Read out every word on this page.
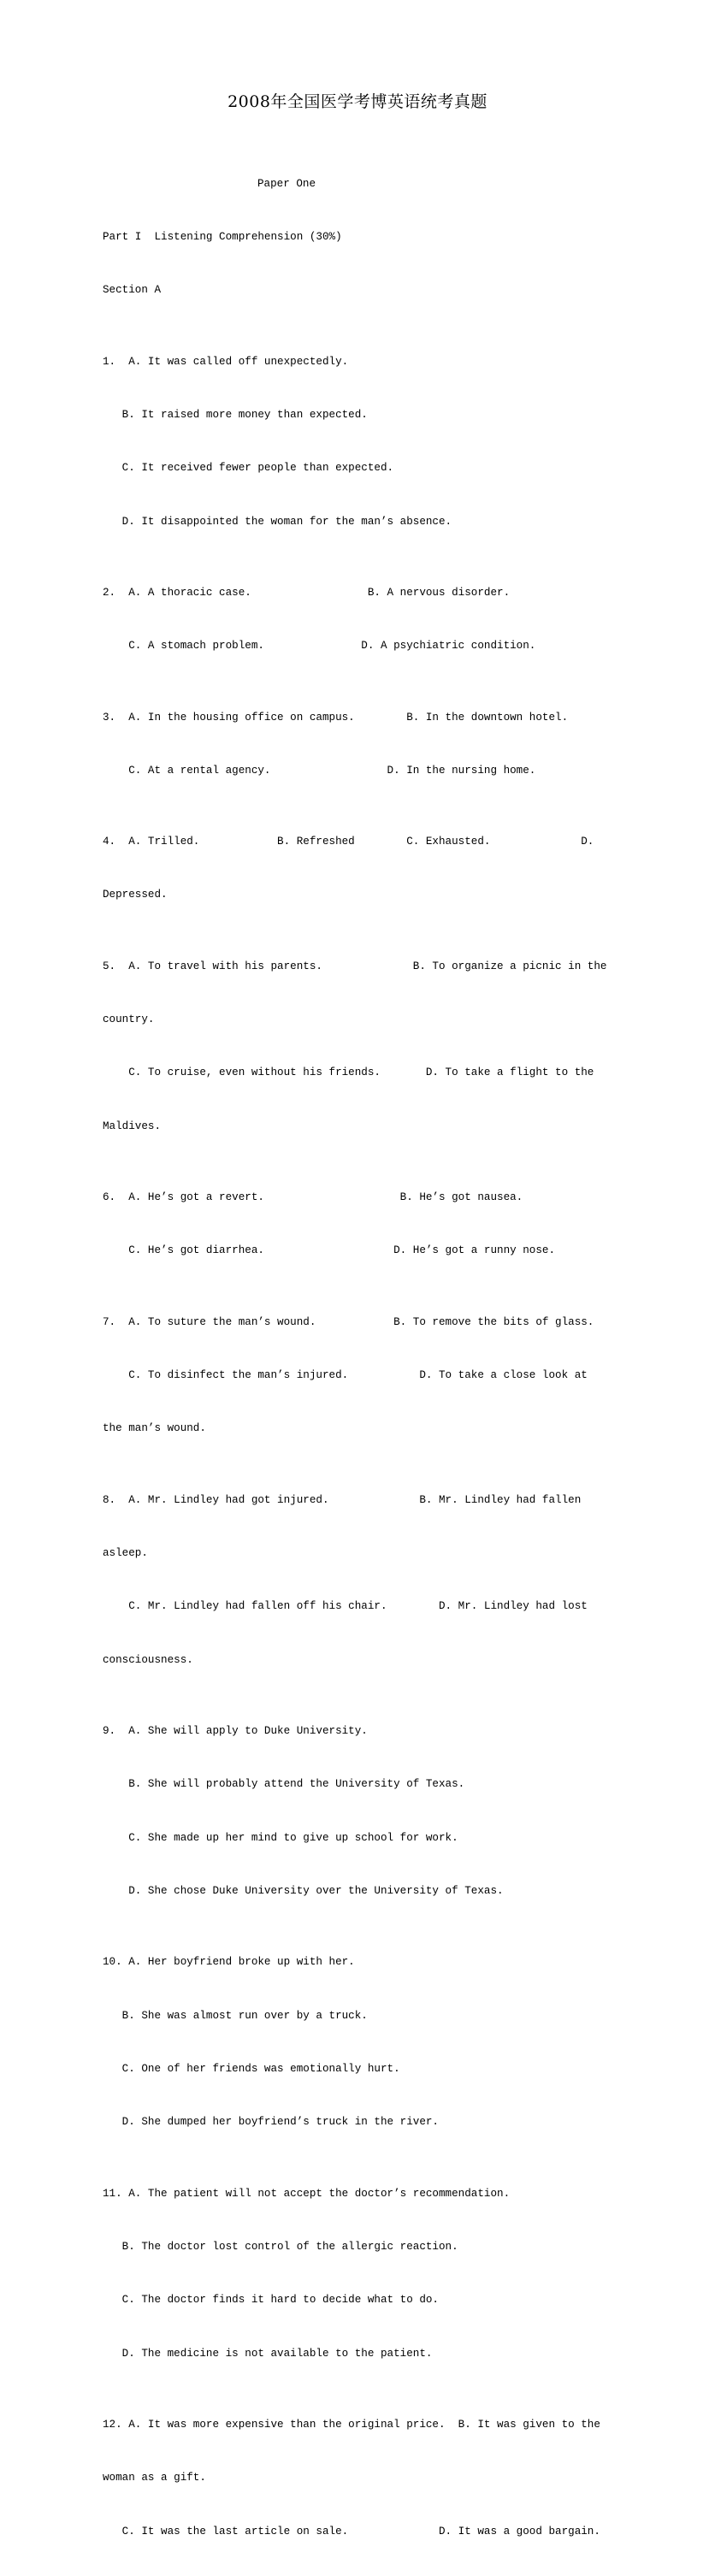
2008年全国医学考博英语统考真题

Paper One

Part I  Listening Comprehension (30%)

Section A

1.  A. It was called off unexpectedly.

B. It raised more money than expected.

C. It received fewer people than expected.

D. It disappointed the woman for the man’s absence.

2.  A. A thoracic case.                  B. A nervous disorder.

C. A stomach problem.               D. A psychiatric condition.

3.  A. In the housing office on campus.        B. In the downtown hotel.

C. At a rental agency.                  D. In the nursing home.

4.  A. Trilled.            B. Refreshed        C. Exhausted.              D.

Depressed.

5.  A. To travel with his parents.              B. To organize a picnic in the

country.

C. To cruise, even without his friends.       D. To take a flight to the

Maldives.

6.  A. He’s got a revert.                     B. He’s got nausea.

C. He’s got diarrhea.                    D. He’s got a runny nose.

7.  A. To suture the man’s wound.            B. To remove the bits of glass.

C. To disinfect the man’s injured.           D. To take a close look at

the man’s wound.

8.  A. Mr. Lindley had got injured.              B. Mr. Lindley had fallen

asleep.

C. Mr. Lindley had fallen off his chair.        D. Mr. Lindley had lost

consciousness.

9.  A. She will apply to Duke University.

B. She will probably attend the University of Texas.

C. She made up her mind to give up school for work.

D. She chose Duke University over the University of Texas.

10. A. Her boyfriend broke up with her.

B. She was almost run over by a truck.

C. One of her friends was emotionally hurt.

D. She dumped her boyfriend’s truck in the river.

11. A. The patient will not accept the doctor’s recommendation.

B. The doctor lost control of the allergic reaction.

C. The doctor finds it hard to decide what to do.

D. The medicine is not available to the patient.

12. A. It was more expensive than the original price.  B. It was given to the

woman as a gift.

C. It was the last article on sale.              D. It was a good bargain.
